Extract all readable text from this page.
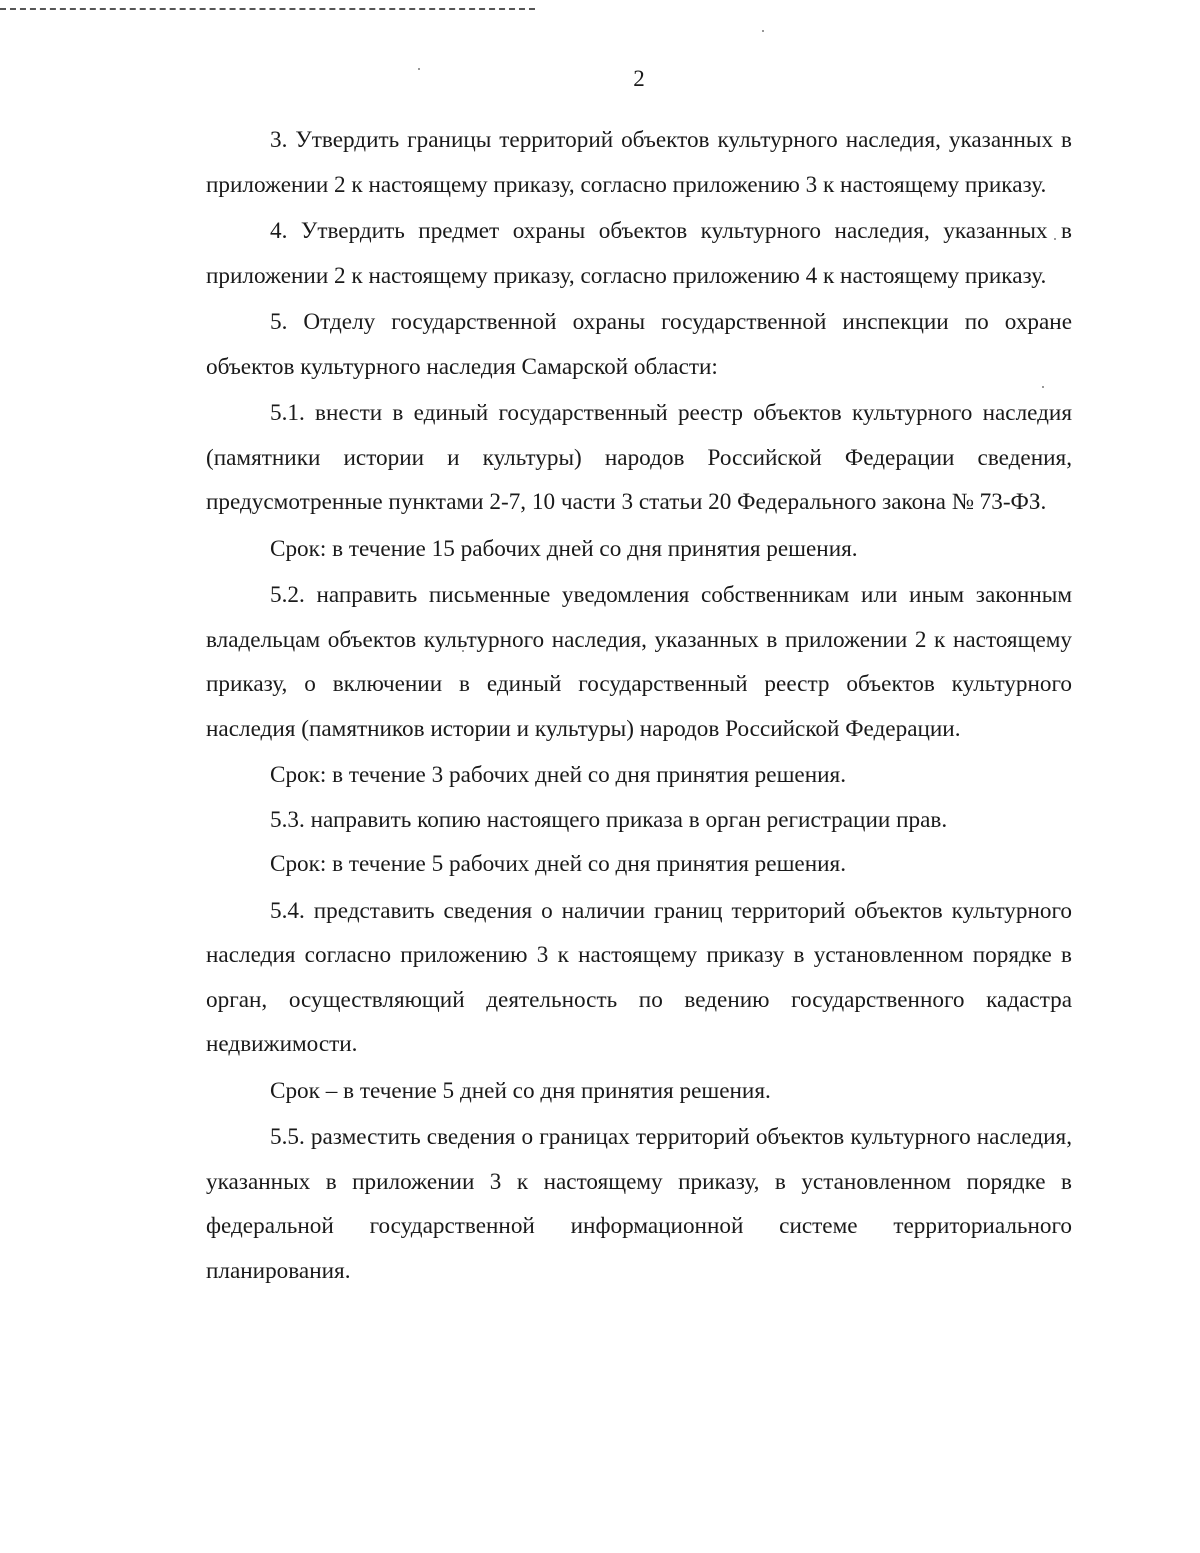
2

3. Утвердить границы территорий объектов культурного наследия, указанных в приложении 2 к настоящему приказу, согласно приложению 3 к настоящему приказу.

4. Утвердить предмет охраны объектов культурного наследия, указанных в приложении 2 к настоящему приказу, согласно приложению 4 к настоящему приказу.

5. Отделу государственной охраны государственной инспекции по охране объектов культурного наследия Самарской области:

5.1. внести в единый государственный реестр объектов культурного наследия (памятники истории и культуры) народов Российской Федерации сведения, предусмотренные пунктами 2-7, 10 части 3 статьи 20 Федерального закона № 73-ФЗ.

Срок: в течение 15 рабочих дней со дня принятия решения.

5.2. направить письменные уведомления собственникам или иным законным владельцам объектов культурного наследия, указанных в приложении 2 к настоящему приказу, о включении в единый государственный реестр объектов культурного наследия (памятников истории и культуры) народов Российской Федерации.

Срок: в течение 3 рабочих дней со дня принятия решения.

5.3. направить копию настоящего приказа в орган регистрации прав.

Срок: в течение 5 рабочих дней со дня принятия решения.

5.4. представить сведения о наличии границ территорий объектов культурного наследия согласно приложению 3 к настоящему приказу в установленном порядке в орган, осуществляющий деятельность по ведению государственного кадастра недвижимости.

Срок – в течение 5 дней со дня принятия решения.

5.5. разместить сведения о границах территорий объектов культурного наследия, указанных в приложении 3 к настоящему приказу, в установленном порядке в федеральной государственной информационной системе территориального планирования.
